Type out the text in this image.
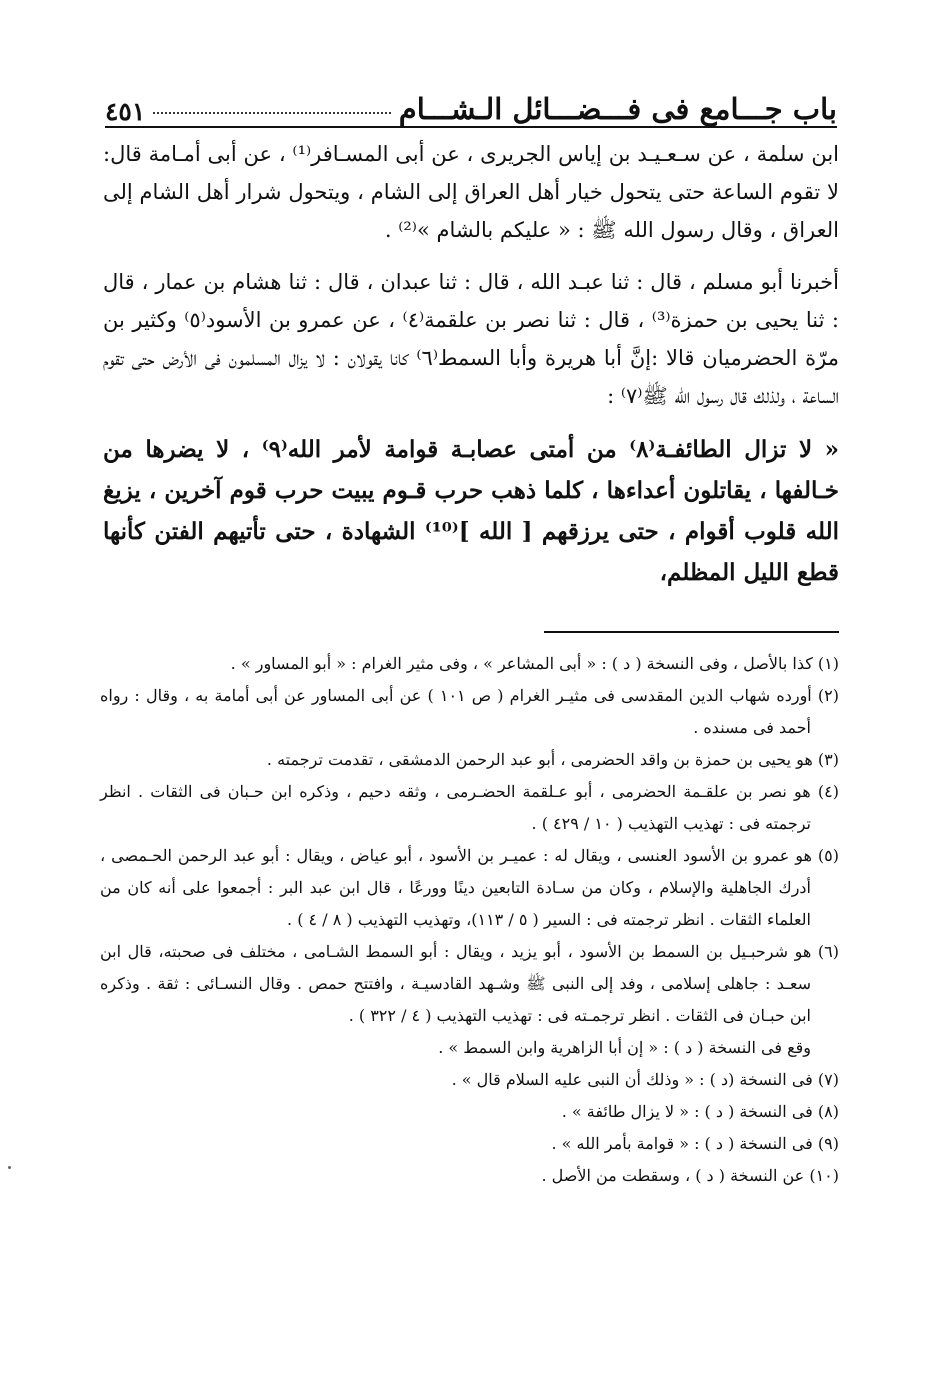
باب جـــامع فى فـــضـــائل الـشـــام
٤٥١

ابن سلمة ، عن سـعـيـد بن إياس الجريرى ، عن أبى المسـافر⁽¹⁾ ، عن أبى أمـامة قال: لا تقوم الساعة حتى يتحول خيار أهل العراق إلى الشام ، ويتحول شرار أهل الشام إلى العراق ، وقال رسول الله ﷺ : « عليكم بالشام »⁽²⁾ .

أخبرنا أبو مسلم ، قال : ثنا عبـد الله ، قال : ثنا عبدان ، قال : ثنا هشام بن عمار ، قال : ثنا يحيى بن حمزة⁽³⁾ ، قال : ثنا نصر بن علقمة⁽٤⁾ ، عن عمرو بن الأسود⁽٥⁾ وكثير بن مرّة الحضرميان قالا :إنَّ أبا هريرة وأبا السمط⁽٦⁾ كانا يقولان : لا يزال المسلمون فى الأرض حتى تقوم الساعة ، ولذلك قال رسول الله ﷺ⁽٧⁾ :

« لا تزال الطائفـة⁽٨⁾ من أمتى عصابـة قوامة لأمر الله⁽٩⁾ ، لا يضرها من خـالفها ، يقاتلون أعداءها ، كلما ذهب حرب قـوم يبيت حرب قوم آخرين ، يزيغ الله قلوب أقوام ، حتى يرزقهم [ الله ]⁽¹⁰⁾ الشهادة ، حتى تأتيهم الفتن كأنها قطع الليل المظلم،

(١) كذا بالأصل ، وفى النسخة ( د ) : « أبى المشاعر » ، وفى مثير الغرام : « أبو المساور » .

(٢) أورده شهاب الدين المقدسى فى مثيـر الغرام ( ص ١٠١ ) عن أبى المساور عن أبى أمامة به ، وقال : رواه أحمد فى مسنده .

(٣) هو يحيى بن حمزة بن واقد الحضرمى ، أبو عبد الرحمن الدمشقى ، تقدمت ترجمته .

(٤) هو نصر بن علقـمة الحضرمى ، أبو عـلقمة الحضـرمى ، وثقه دحيم ، وذكره ابن حـبان فى الثقات . انظر ترجمته فى : تهذيب التهذيب ( ١٠ / ٤٢٩ ) .

(٥) هو عمرو بن الأسود العنسى ، ويقال له : عميـر بن الأسود ، أبو عياض ، ويقال : أبو عبد الرحمن الحـمصى ، أدرك الجاهلية والإسلام ، وكان من سـادة التابعين دينًا وورعًا ، قال ابن عبد البر : أجمعوا على أنه كان من العلماء الثقات . انظر ترجمته فى : السير ( ٥ / ١١٣)، وتهذيب التهذيب ( ٨ / ٤ ) .

(٦) هو شرحبـيل بن السمط بن الأسود ، أبو يزيد ، ويقال : أبو السمط الشـامى ، مختلف فى صحبته، قال ابن سعـد : جاهلى إسلامى ، وفد إلى النبى ﷺ وشـهد القادسيـة ، وافتتح حمص . وقال النسـائى : ثقة . وذكره ابن حبـان فى الثقات . انظر ترجمـته فى : تهذيب التهذيب ( ٤ / ٣٢٢ ) .

وقع فى النسخة ( د ) : « إن أبا الزاهرية وابن السمط » .

(٧) فى النسخة (د ) : « وذلك أن النبى عليه السلام قال » .

(٨) فى النسخة ( د ) : « لا يزال طائفة » .

(٩) فى النسخة ( د ) : « قوامة بأمر الله » .

(١٠) عن النسخة ( د ) ، وسقطت من الأصل .
